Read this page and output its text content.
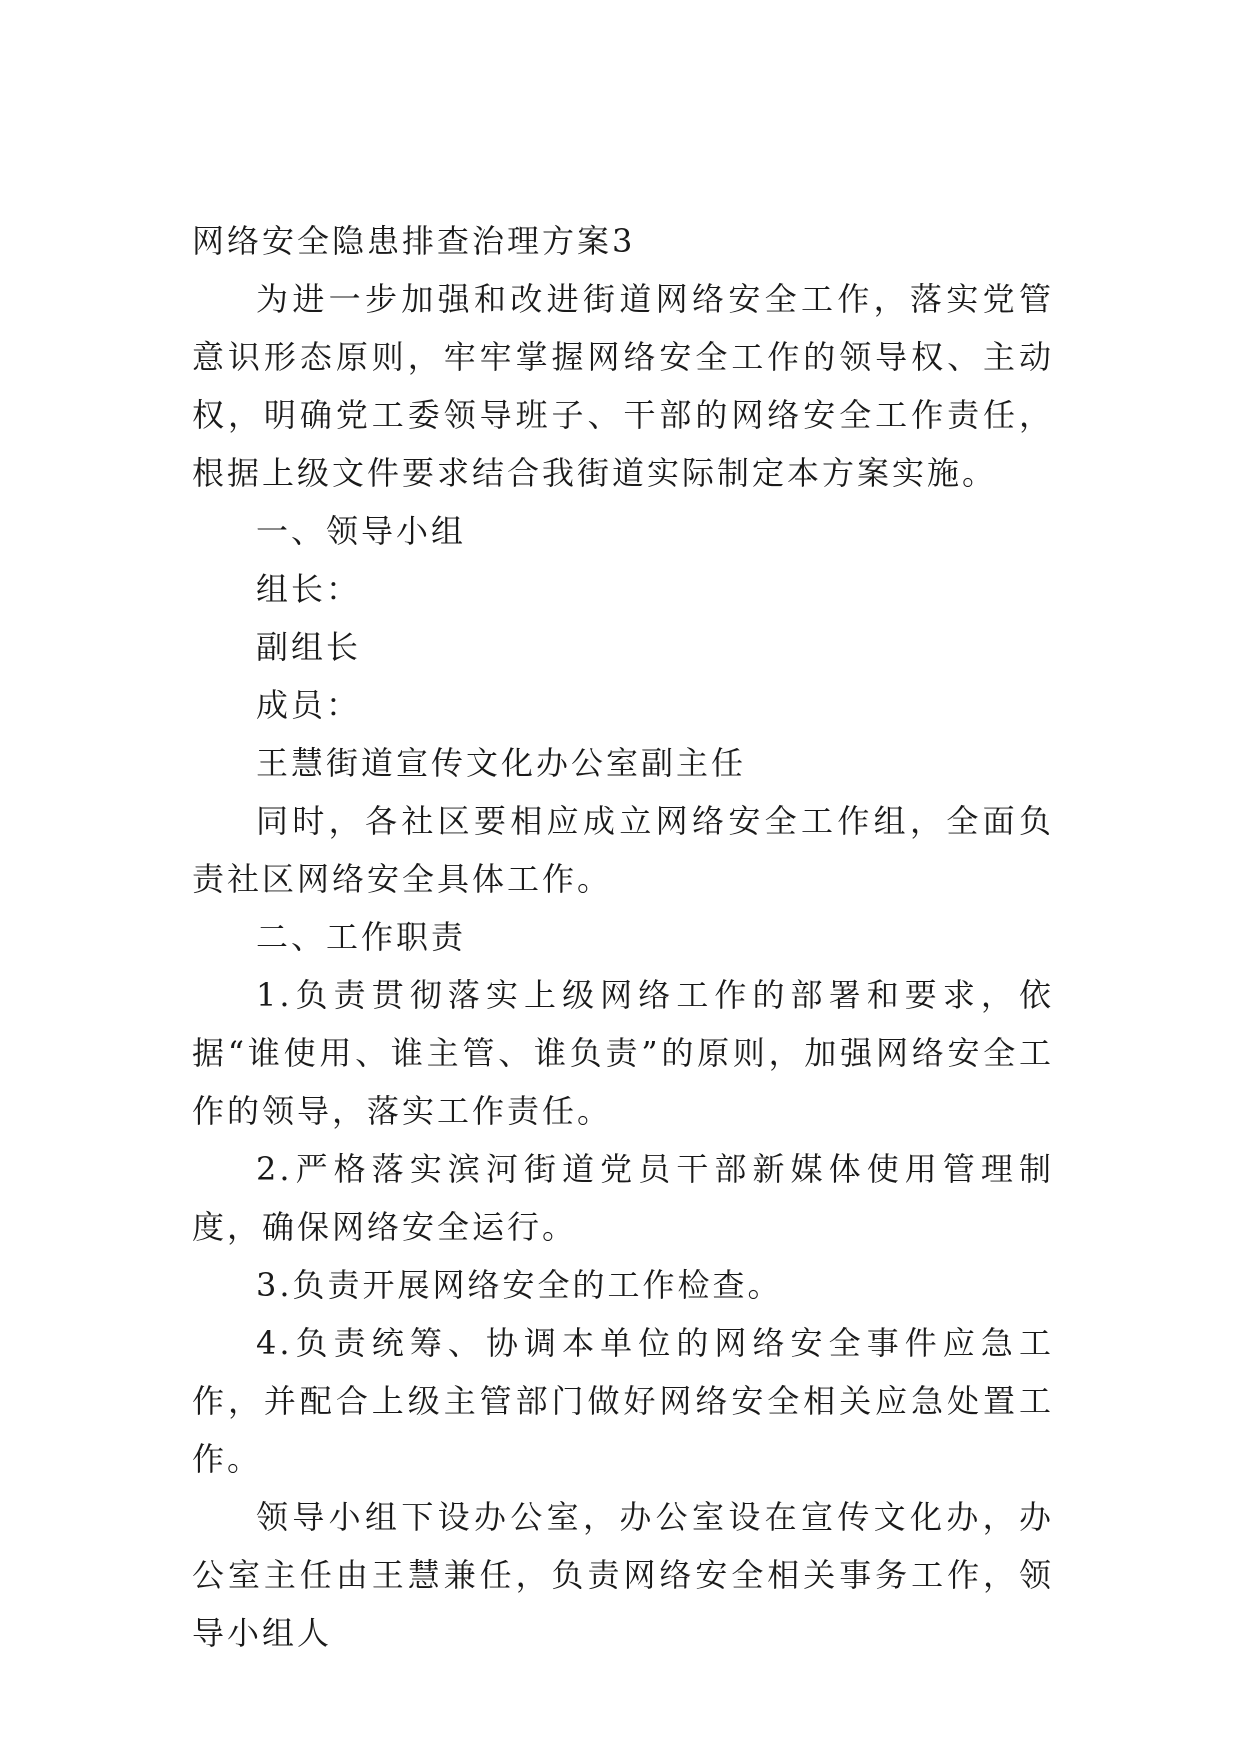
网络安全隐患排查治理方案3

为进一步加强和改进街道网络安全工作，落实党管意识形态原则，牢牢掌握网络安全工作的领导权、主动权，明确党工委领导班子、干部的网络安全工作责任，根据上级文件要求结合我街道实际制定本方案实施。

一、领导小组

组长：

副组长

成员：

王慧街道宣传文化办公室副主任

同时，各社区要相应成立网络安全工作组，全面负责社区网络安全具体工作。

二、工作职责

1.负责贯彻落实上级网络工作的部署和要求，依据“谁使用、谁主管、谁负责”的原则，加强网络安全工作的领导，落实工作责任。

2.严格落实滨河街道党员干部新媒体使用管理制度，确保网络安全运行。

3.负责开展网络安全的工作检查。

4.负责统筹、协调本单位的网络安全事件应急工作，并配合上级主管部门做好网络安全相关应急处置工作。

领导小组下设办公室，办公室设在宣传文化办，办公室主任由王慧兼任，负责网络安全相关事务工作，领导小组人
